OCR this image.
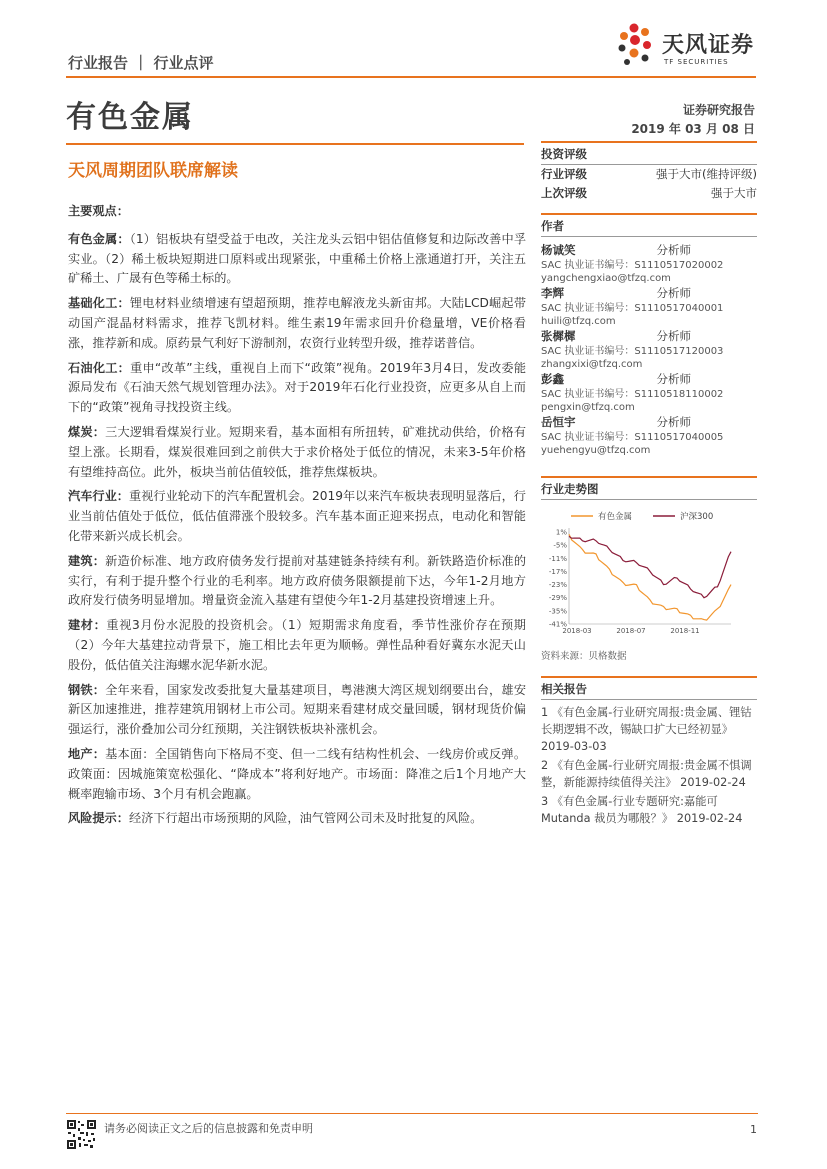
行业报告 ｜ 行业点评
天风证券
TF SECURITIES
有色金属	证券研究报告
2019 年 03 月 08 日
天风周期团队联席解读

主要观点：

有色金属：（1）铝板块有望受益于电改，关注龙头云铝中铝估值修复和边际改善中孚实业。（2）稀土板块短期进口原料或出现紧张，中重稀土价格上涨通道打开，关注五矿稀土、广晟有色等稀土标的。

基础化工：锂电材料业绩增速有望超预期，推荐电解液龙头新宙邦。大陆LCD崛起带动国产混晶材料需求，推荐飞凯材料。维生素19年需求回升价稳量增，VE价格看涨，推荐新和成。原药景气利好下游制剂，农资行业转型升级，推荐诺普信。

石油化工：重申“改革”主线，重视自上而下“政策”视角。2019年3月4日，发改委能源局发布《石油天然气规划管理办法》。对于2019年石化行业投资，应更多从自上而下的“政策”视角寻找投资主线。

煤炭：三大逻辑看煤炭行业。短期来看，基本面相有所扭转，矿难扰动供给，价格有望上涨。长期看，煤炭很难回到之前供大于求价格处于低位的情况，未来3-5年价格有望维持高位。此外，板块当前估值较低，推荐焦煤板块。

汽车行业：重视行业轮动下的汽车配置机会。2019年以来汽车板块表现明显落后，行业当前估值处于低位，低估值滞涨个股较多。汽车基本面正迎来拐点，电动化和智能化带来新兴成长机会。

建筑：新造价标准、地方政府债务发行提前对基建链条持续有利。新铁路造价标准的实行，有利于提升整个行业的毛利率。地方政府债务限额提前下达，今年1-2月地方政府发行债务明显增加。增量资金流入基建有望使今年1-2月基建投资增速上升。

建材：重视3月份水泥股的投资机会。（1）短期需求角度看，季节性涨价存在预期（2）今年大基建拉动背景下，施工相比去年更为顺畅。弹性品种看好冀东水泥天山股份，低估值关注海螺水泥华新水泥。

钢铁：全年来看，国家发改委批复大量基建项目，粤港澳大湾区规划纲要出台，雄安新区加速推进，推荐建筑用钢材上市公司。短期来看建材成交量回暖，钢材现货价偏强运行，涨价叠加公司分红预期，关注钢铁板块补涨机会。

地产：基本面：全国销售向下格局不变、但一二线有结构性机会、一线房价或反弹。政策面：因城施策宽松强化、“降成本”将利好地产。市场面：降准之后1个月地产大概率跑输市场、3个月有机会跑赢。

风险提示：经济下行超出市场预期的风险，油气管网公司未及时批复的风险。

投资评级
行业评级	强于大市(维持评级)
上次评级	强于大市
作者
杨诚笑	分析师
SAC 执业证书编号：S1110517020002
yangchengxiao@tfzq.com
李辉	分析师
SAC 执业证书编号：S1110517040001
huili@tfzq.com
张樨樨	分析师
SAC 执业证书编号：S1110517120003
zhangxixi@tfzq.com
彭鑫	分析师
SAC 执业证书编号：S1110518110002
pengxin@tfzq.com
岳恒宇	分析师
SAC 执业证书编号：S1110517040005
yuehengyu@tfzq.com
行业走势图
有色金属	沪深300
1%
-5%
-11%
-17%
-23%
-29%
-35%
-41%
2018-03	2018-07	2018-11
资料来源：贝格数据
相关报告

1 《有色金属-行业研究周报:贵金属、锂钴长期逻辑不改，锡缺口扩大已经初显》 2019-03-03

2 《有色金属-行业研究周报:贵金属不惧调整，新能源持续值得关注》 2019-02-24

3 《有色金属-行业专题研究:嘉能可 Mutanda 裁员为哪般？》 2019-02-24

请务必阅读正文之后的信息披露和免责申明	1
